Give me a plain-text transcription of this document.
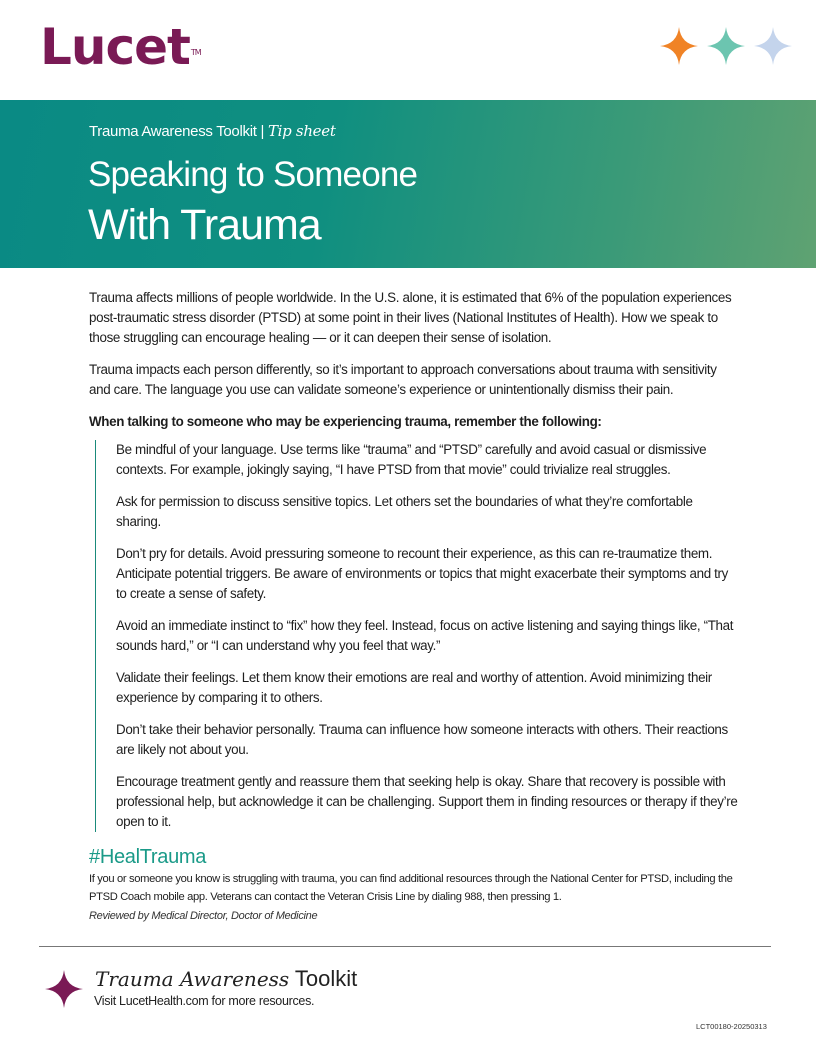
Lucet™
Trauma Awareness Toolkit | Tip sheet
Speaking to Someone
With Trauma

Trauma affects millions of people worldwide. In the U.S. alone, it is estimated that 6% of the population experiences post-traumatic stress disorder (PTSD) at some point in their lives (National Institutes of Health). How we speak to those struggling can encourage healing — or it can deepen their sense of isolation.

Trauma impacts each person differently, so it’s important to approach conversations about trauma with sensitivity and care. The language you use can validate someone’s experience or unintentionally dismiss their pain.

When talking to someone who may be experiencing trauma, remember the following:

Be mindful of your language. Use terms like “trauma” and “PTSD” carefully and avoid casual or dismissive contexts. For example, jokingly saying, “I have PTSD from that movie” could trivialize real struggles.

Ask for permission to discuss sensitive topics. Let others set the boundaries of what they’re comfortable sharing.

Don’t pry for details. Avoid pressuring someone to recount their experience, as this can re-traumatize them. Anticipate potential triggers. Be aware of environments or topics that might exacerbate their symptoms and try to create a sense of safety.

Avoid an immediate instinct to “fix” how they feel. Instead, focus on active listening and saying things like, “That sounds hard,” or “I can understand why you feel that way.”

Validate their feelings. Let them know their emotions are real and worthy of attention. Avoid minimizing their experience by comparing it to others.

Don’t take their behavior personally. Trauma can influence how someone interacts with others. Their reactions are likely not about you.

Encourage treatment gently and reassure them that seeking help is okay. Share that recovery is possible with professional help, but acknowledge it can be challenging. Support them in finding resources or therapy if they’re open to it.

#HealTrauma
If you or someone you know is struggling with trauma, you can find additional resources through the National Center for PTSD, including the PTSD Coach mobile app. Veterans can contact the Veteran Crisis Line by dialing 988, then pressing 1.
Reviewed by Medical Director, Doctor of Medicine
Trauma Awareness Toolkit
Visit LucetHealth.com for more resources.
LCT00180-20250313
